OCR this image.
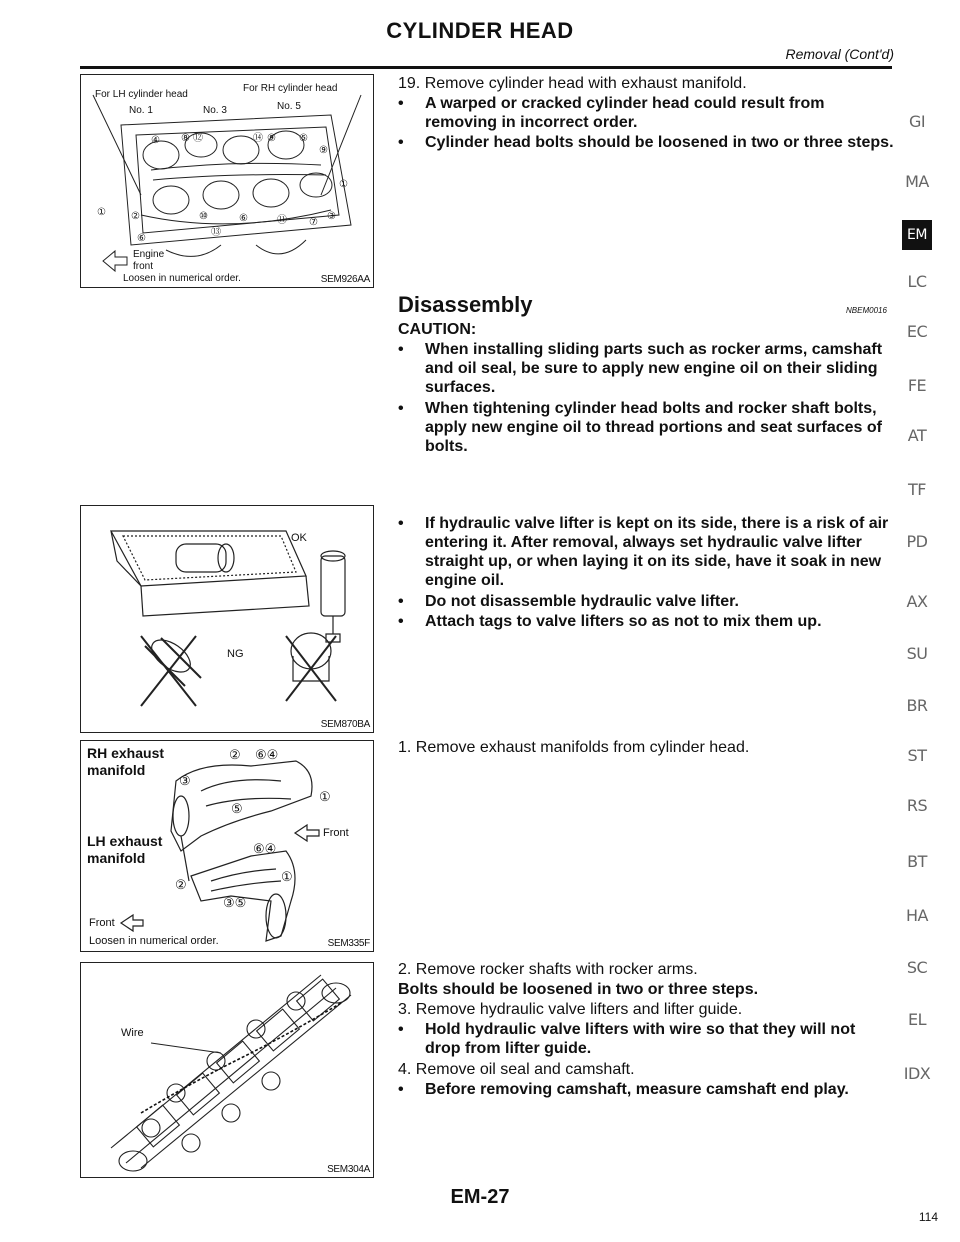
CYLINDER HEAD
Removal (Cont'd)
④ ⑧ ⑫	⑭ ⑨ ⑤
⑨
①
③
①	②	⑩	⑥	⑪ ⑦
⑬
⑥
For LH cylinder head
For RH cylinder head
No. 1	No. 3	No. 5
Engine
front
Loosen in numerical order.	SEM926AA
OK
NG
SEM870BA
② ⑥④
③
①
⑤
⑥④
②
①
③⑤
RH exhaust
manifold
LH exhaust
manifold
Front
Front
Loosen in numerical order.	SEM335F
Wire
SEM304A
19. Remove cylinder head with exhaust manifold.
•	A warped or cracked cylinder head could result from removing in incorrect order.
•	Cylinder head bolts should be loosened in two or three steps.
Disassembly	NBEM0016
CAUTION:
•	When installing sliding parts such as rocker arms, camshaft and oil seal, be sure to apply new engine oil on their sliding surfaces.
•	When tightening cylinder head bolts and rocker shaft bolts, apply new engine oil to thread portions and seat surfaces of bolts.
•	If hydraulic valve lifter is kept on its side, there is a risk of air entering it. After removal, always set hydraulic valve lifter straight up, or when laying it on its side, have it soak in new engine oil.
•	Do not disassemble hydraulic valve lifter.
•	Attach tags to valve lifters so as not to mix them up.
1. Remove exhaust manifolds from cylinder head.
2. Remove rocker shafts with rocker arms.
Bolts should be loosened in two or three steps.
3. Remove hydraulic valve lifters and lifter guide.
•	Hold hydraulic valve lifters with wire so that they will not drop from lifter guide.
4. Remove oil seal and camshaft.
•	Before removing camshaft, measure camshaft end play.
GI
MA
EM
LC
EC
FE
AT
TF
PD
AX
SU
BR
ST
RS
BT
HA
SC
EL
IDX
EM-27
114
